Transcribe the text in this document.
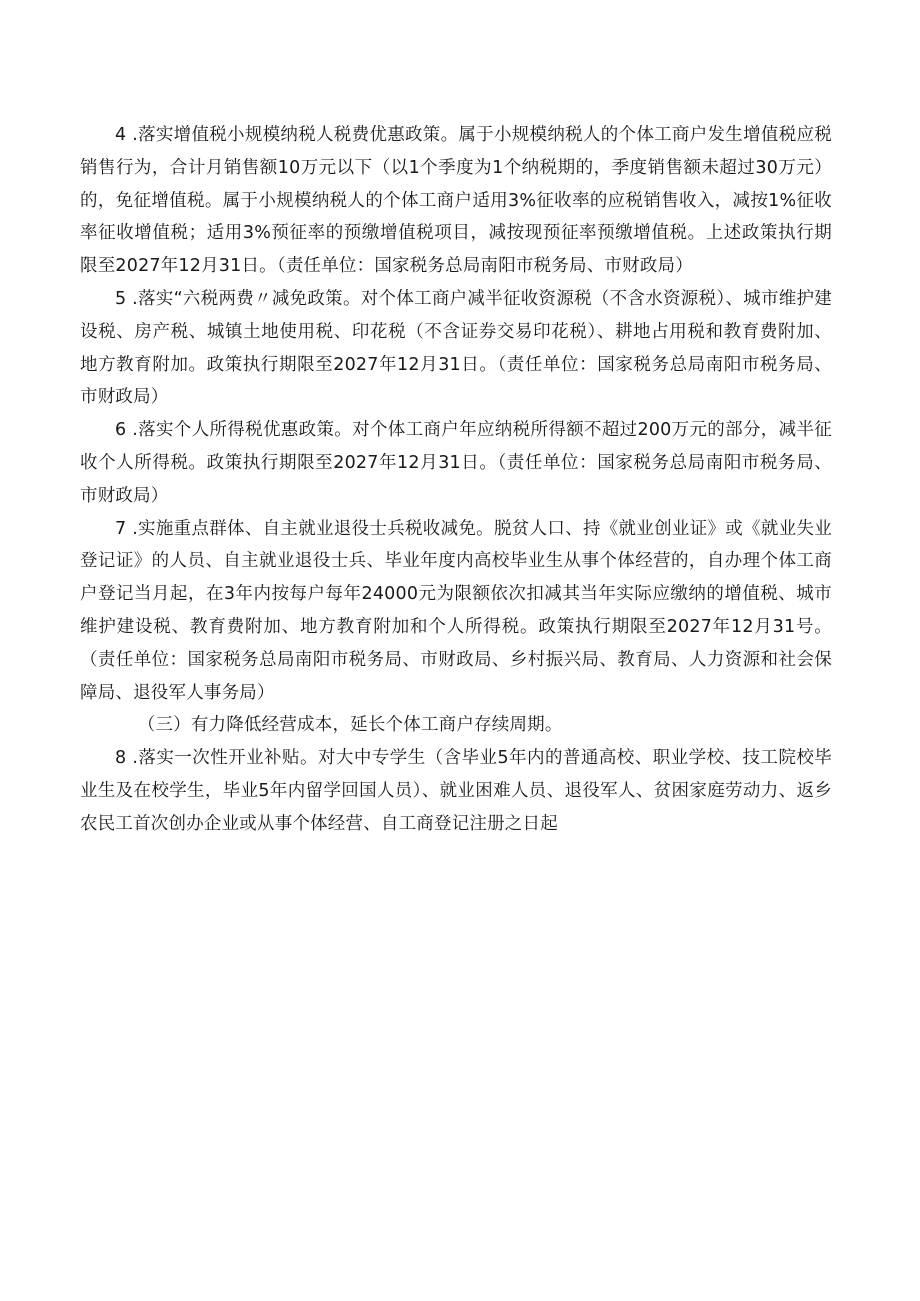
4 .落实增值税小规模纳税人税费优惠政策。属于小规模纳税人的个体工商户发生增值税应税销售行为，合计月销售额10万元以下（以1个季度为1个纳税期的，季度销售额未超过30万元）的，免征增值税。属于小规模纳税人的个体工商户适用3%征收率的应税销售收入，减按1%征收率征收增值税；适用3%预征率的预缴增值税项目，减按现预征率预缴增值税。上述政策执行期限至2027年12月31日。（责任单位：国家税务总局南阳市税务局、市财政局）

5 .落实“六税两费〃减免政策。对个体工商户减半征收资源税（不含水资源税）、城市维护建设税、房产税、城镇土地使用税、印花税（不含证券交易印花税）、耕地占用税和教育费附加、地方教育附加。政策执行期限至2027年12月31日。（责任单位：国家税务总局南阳市税务局、市财政局）

6 .落实个人所得税优惠政策。对个体工商户年应纳税所得额不超过200万元的部分，减半征收个人所得税。政策执行期限至2027年12月31日。（责任单位：国家税务总局南阳市税务局、市财政局）

7 .实施重点群体、自主就业退役士兵税收减免。脱贫人口、持《就业创业证》或《就业失业登记证》的人员、自主就业退役士兵、毕业年度内高校毕业生从事个体经营的，自办理个体工商户登记当月起，在3年内按每户每年24000元为限额依次扣减其当年实际应缴纳的增值税、城市维护建设税、教育费附加、地方教育附加和个人所得税。政策执行期限至2027年12月31号。（责任单位：国家税务总局南阳市税务局、市财政局、乡村振兴局、教育局、人力资源和社会保障局、退役军人事务局）

（三）有力降低经营成本，延长个体工商户存续周期。

8 .落实一次性开业补贴。对大中专学生（含毕业5年内的普通高校、职业学校、技工院校毕业生及在校学生，毕业5年内留学回国人员）、就业困难人员、退役军人、贫困家庭劳动力、返乡农民工首次创办企业或从事个体经营、自工商登记注册之日起
